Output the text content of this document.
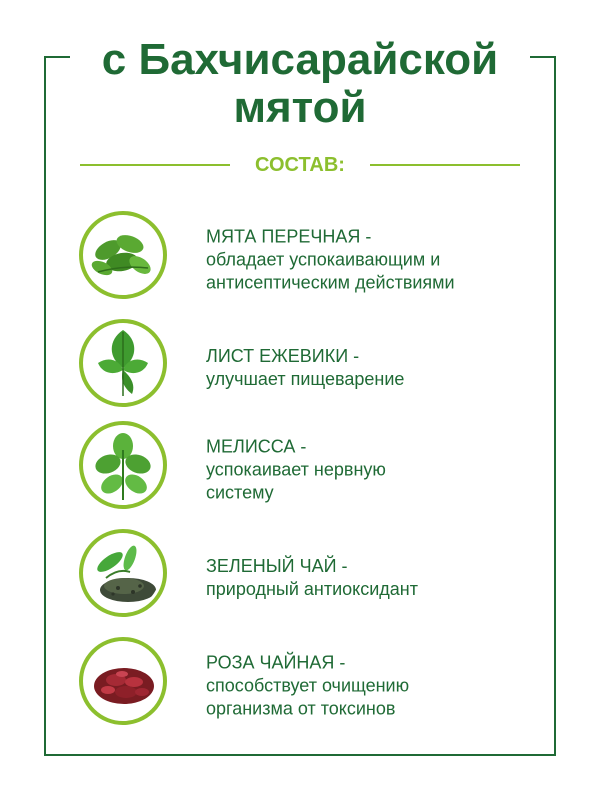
с Бахчисарайской
мятой
СОСТАВ:
МЯТА ПЕРЕЧНАЯ -
обладает успокаивающим и
антисептическим действиями
ЛИСТ ЕЖЕВИКИ -
улучшает пищеварение
МЕЛИССА -
успокаивает нервную
систему
ЗЕЛЕНЫЙ ЧАЙ -
природный антиоксидант
РОЗА ЧАЙНАЯ -
способствует очищению
организма от токсинов
